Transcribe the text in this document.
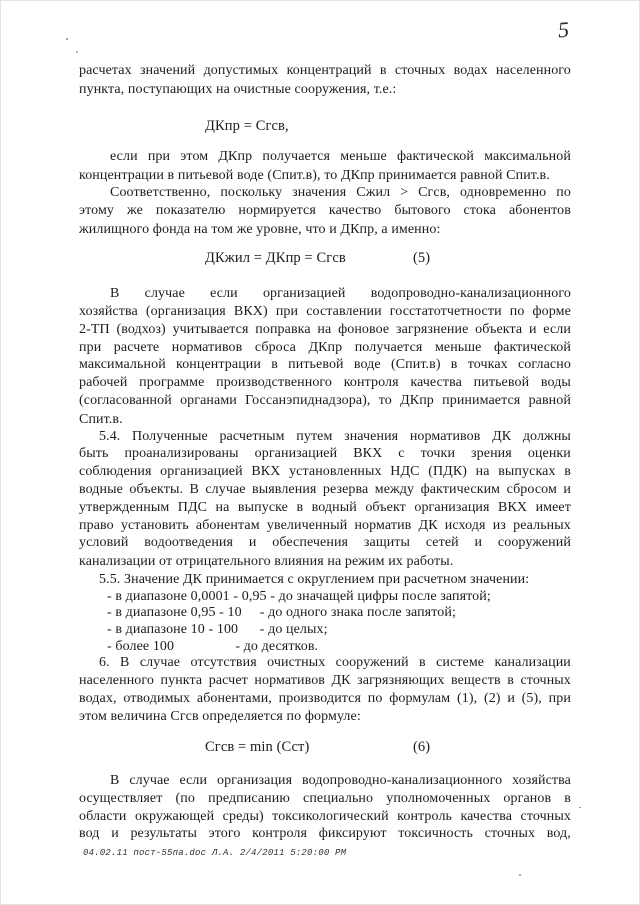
5
расчетах значений допустимых концентраций в сточных водах населенного
пункта, поступающих на очистные сооружения, т.е.:
ДКпр = Сгсв,
если при этом ДКпр получается меньше фактической максимальной
концентрации в питьевой воде (Спит.в), то ДКпр принимается равной Спит.в.
Соответственно, поскольку значения Сжил > Сгсв, одновременно по
этому же показателю нормируется качество бытового стока абонентов
жилищного фонда на том же уровне, что и ДКпр, а именно:
ДКжил = ДКпр = Сгсв	(5)
В случае если организацией водопроводно-канализационного
хозяйства (организация ВКХ) при составлении госстатотчетности по форме
2-ТП (водхоз) учитывается поправка на фоновое загрязнение объекта и если
при расчете нормативов сброса ДКпр получается меньше фактической
максимальной концентрации в питьевой воде (Спит.в) в точках согласно
рабочей программе производственного контроля качества питьевой воды
(согласованной органами Госсанэпиднадзора), то ДКпр принимается равной
Спит.в.
5.4. Полученные расчетным путем значения нормативов ДК должны
быть проанализированы организацией ВКХ с точки зрения оценки
соблюдения организацией ВКХ установленных НДС (ПДК) на выпусках в
водные объекты. В случае выявления резерва между фактическим сбросом и
утвержденным ПДС на выпуске в водный объект организация ВКХ имеет
право установить абонентам увеличенный норматив ДК исходя из реальных
условий водоотведения и обеспечения защиты сетей и сооружений
канализации от отрицательного влияния на режим их работы.
5.5. Значение ДК принимается с округлением при расчетном значении:
- в диапазоне 0,0001 - 0,95 - до значащей цифры после запятой;
- в диапазоне 0,95 - 10     - до одного знака после запятой;
- в диапазоне 10 - 100      - до целых;
- более 100                 - до десятков.
6. В случае отсутствия очистных сооружений в системе канализации
населенного пункта расчет нормативов ДК загрязняющих веществ в сточных
водах, отводимых абонентами, производится по формулам (1), (2) и (5), при
этом величина Сгсв определяется по формуле:
Сгсв = min (Сст)	(6)
В случае если организация водопроводно-канализационного хозяйства
осуществляет (по предписанию специально уполномоченных органов в
области окружающей среды) токсикологический контроль качества сточных
вод и результаты этого контроля фиксируют токсичность сточных вод,
04.02.11 пост-55па.doc Л.А. 2/4/2011 5:20:00 PM
